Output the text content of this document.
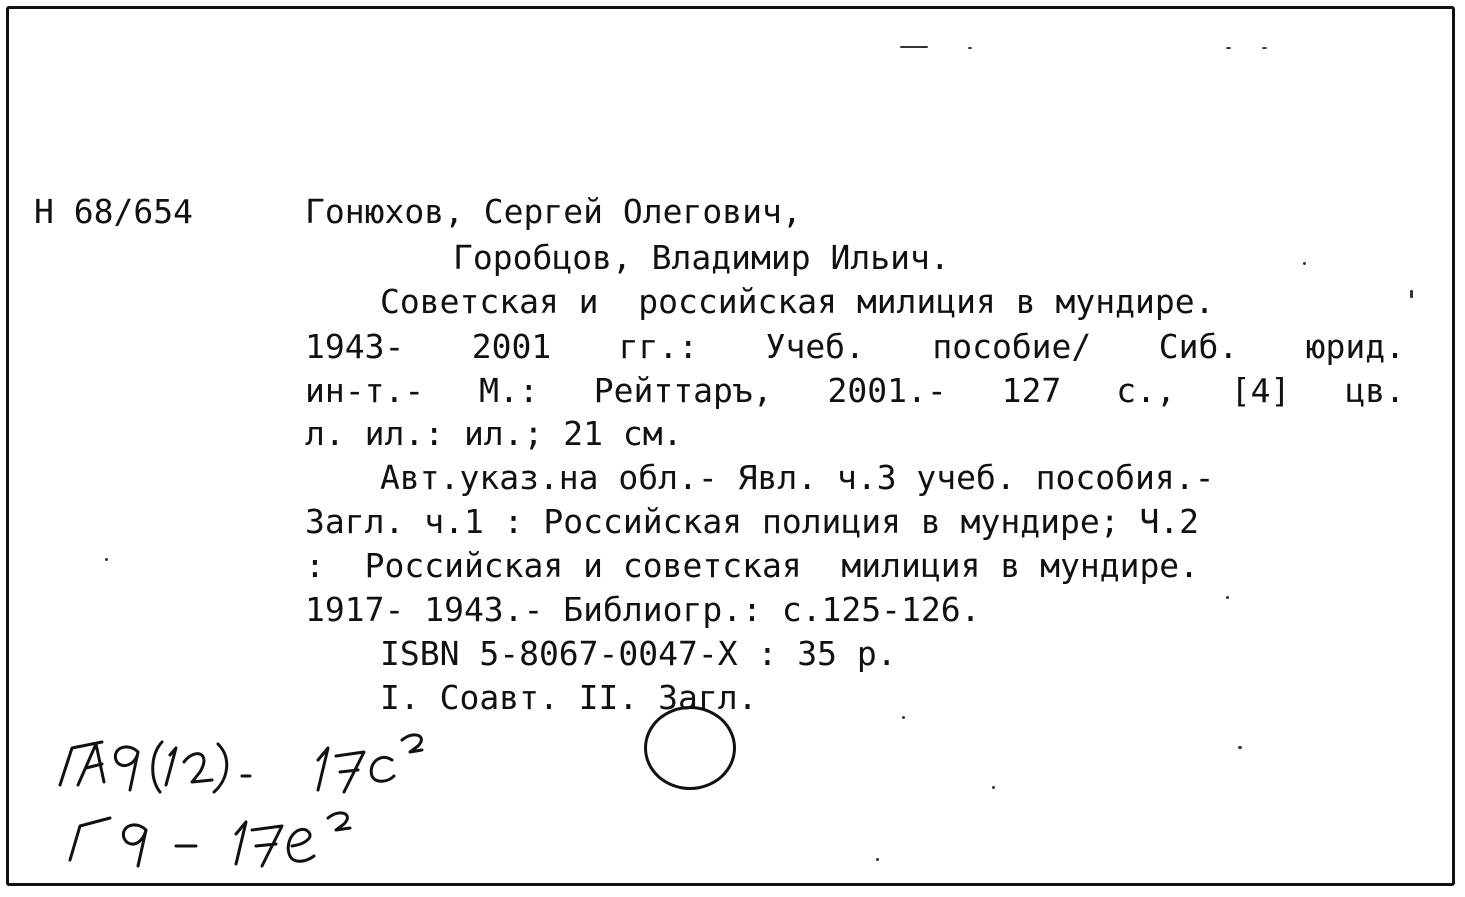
Н 68/654	Гонюхов, Сергей Олегович,
Горобцов, Владимир Ильич.
Советская и  российская милиция в мундире.
1943- 2001 гг.: Учеб. пособие/ Сиб. юрид.
ин-т.- М.: Рейттаръ, 2001.- 127 с., [4] цв.
л. ил.: ил.; 21 см.
Авт.указ.на обл.- Явл. ч.3 учеб. пособия.-
Загл. ч.1 : Российская полиция в мундире; Ч.2
:  Российская и советская  милиция в мундире.
1917- 1943.- Библиогр.: с.125-126.
ISBN 5-8067-0047-X : 35 р.
I. Соавт. II. Загл.
